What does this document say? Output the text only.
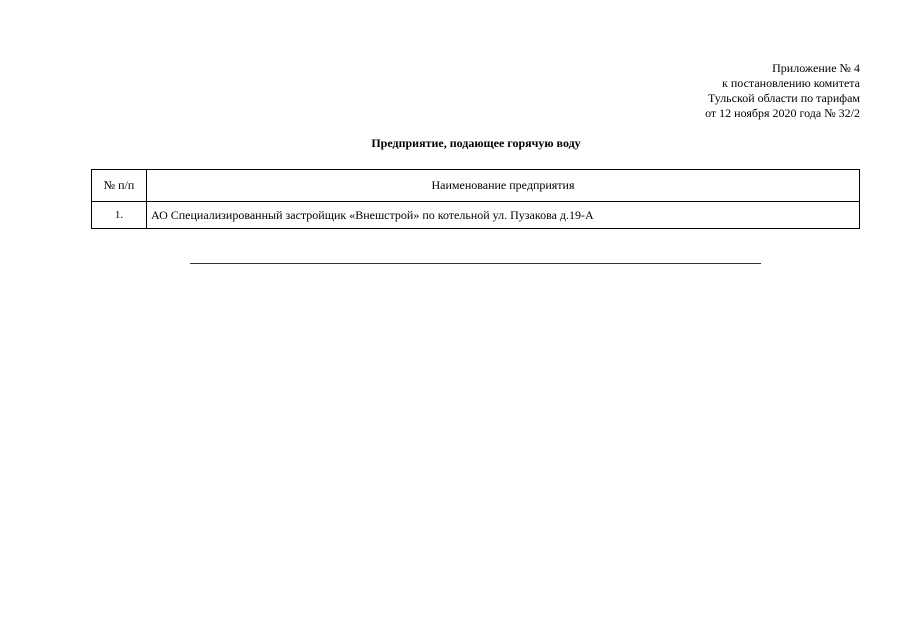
Приложение № 4
к постановлению комитета
Тульской области по тарифам
от 12 ноября 2020 года № 32/2
Предприятие, подающее горячую воду
№ п/п	Наименование предприятия
1.	АО Специализированный застройщик «Внешстрой» по котельной ул. Пузакова д.19-А
